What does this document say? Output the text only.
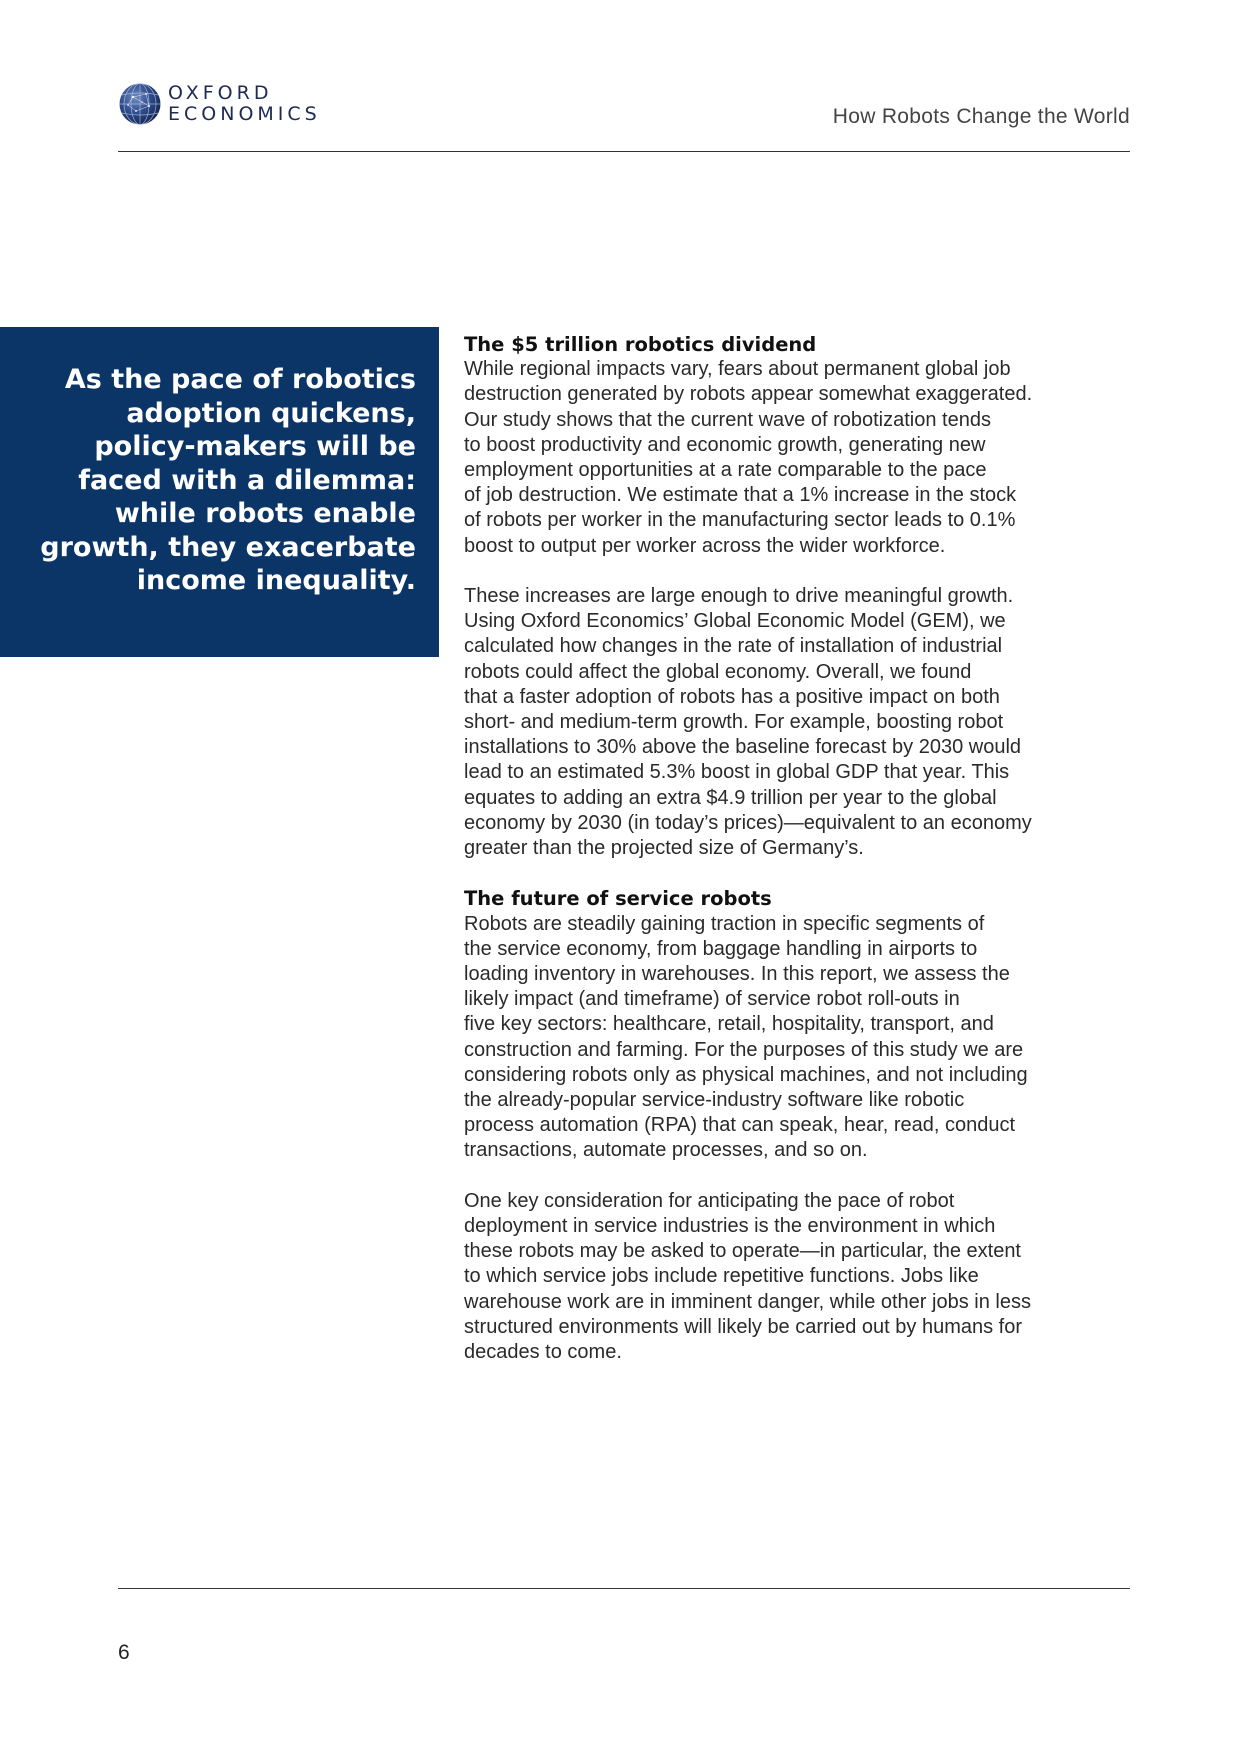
OXFORD
ECONOMICS	How Robots Change the World

As the pace of robotics adoption quickens, policy-makers will be faced with a dilemma: while robots enable growth, they exacerbate income inequality.

The $5 trillion robotics dividend
While regional impacts vary, fears about permanent global job
destruction generated by robots appear somewhat exaggerated.
Our study shows that the current wave of robotization tends
to boost productivity and economic growth, generating new
employment opportunities at a rate comparable to the pace
of job destruction. We estimate that a 1% increase in the stock
of robots per worker in the manufacturing sector leads to 0.1%
boost to output per worker across the wider workforce.
These increases are large enough to drive meaningful growth.
Using Oxford Economics’ Global Economic Model (GEM), we
calculated how changes in the rate of installation of industrial
robots could affect the global economy. Overall, we found
that a faster adoption of robots has a positive impact on both
short- and medium-term growth. For example, boosting robot
installations to 30% above the baseline forecast by 2030 would
lead to an estimated 5.3% boost in global GDP that year. This
equates to adding an extra $4.9 trillion per year to the global
economy by 2030 (in today’s prices)—equivalent to an economy
greater than the projected size of Germany’s.
The future of service robots
Robots are steadily gaining traction in specific segments of
the service economy, from baggage handling in airports to
loading inventory in warehouses. In this report, we assess the
likely impact (and timeframe) of service robot roll-outs in
five key sectors: healthcare, retail, hospitality, transport, and
construction and farming. For the purposes of this study we are
considering robots only as physical machines, and not including
the already-popular service-industry software like robotic
process automation (RPA) that can speak, hear, read, conduct
transactions, automate processes, and so on.
One key consideration for anticipating the pace of robot
deployment in service industries is the environment in which
these robots may be asked to operate—in particular, the extent
to which service jobs include repetitive functions. Jobs like
warehouse work are in imminent danger, while other jobs in less
structured environments will likely be carried out by humans for
decades to come.
6
